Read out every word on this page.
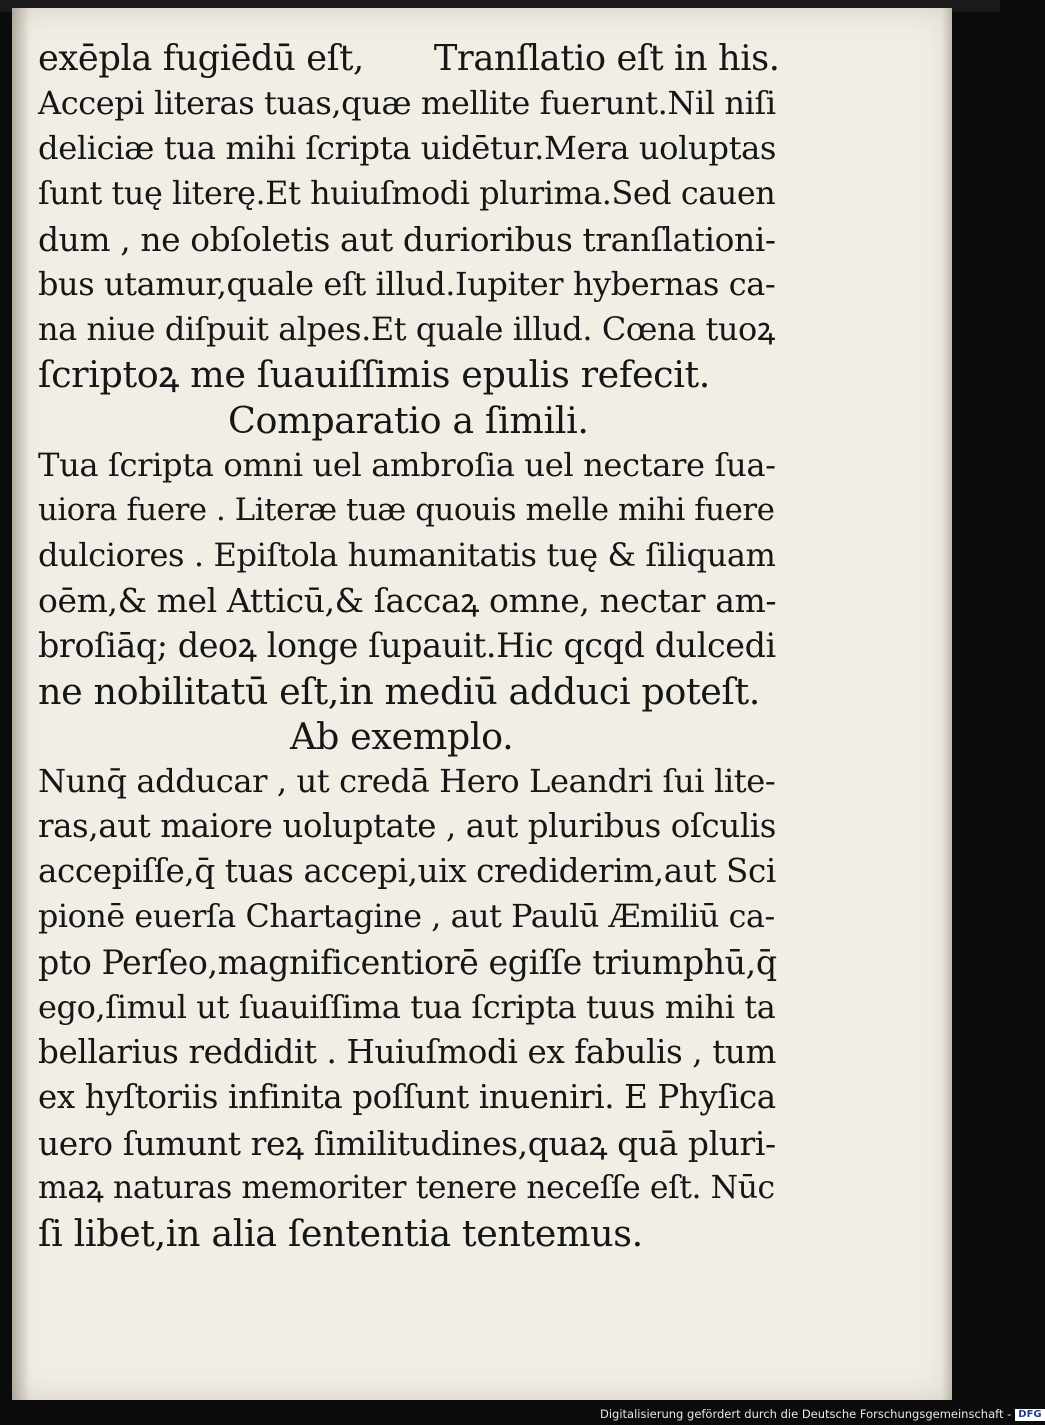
exēpla fugiēdū eſt, Tranſlatio eſt in his.
Accepi literas tuas,quæ mellite fuerunt.Nil niſi
deliciæ tua mihi ſcripta uidētur.Mera uoluptas
ſunt tuę literę.Et huiuſmodi plurima.Sed cauen
dum , ne obſoletis aut durioribus tranſlationi-
bus utamur,quale eſt illud.Iupiter hybernas ca-
na niue diſpuit alpes.Et quale illud. Cœna tuoꝝ
ſcriptoꝝ me ſuauiſſimis epulis refecit.
Comparatio a ſimili.
Tua ſcripta omni uel ambroſia uel nectare ſua-
uiora fuere . Literæ tuæ quouis melle mihi fuere
dulciores . Epiſtola humanitatis tuę & ſiliquam
oēm,& mel Atticū,& ſaccaꝝ omne, nectar am-
broſiāq; deoꝝ longe ſupauit.Hic qcqd dulcedi
ne nobilitatū eſt,in mediū adduci poteſt.
Ab exemplo.
Nunq̄ adducar , ut credā Hero Leandri ſui lite-
ras,aut maiore uoluptate , aut pluribus oſculis
accepiſſe,q̄ tuas accepi,uix crediderim,aut Sci
pionē euerſa Chartagine , aut Paulū Æmiliū ca-
pto Perſeo,magnificentiorē egiſſe triumphū,q̄
ego,ſimul ut ſuauiſſima tua ſcripta tuus mihi ta
bellarius reddidit . Huiuſmodi ex fabulis , tum
ex hyſtoriis infinita poſſunt inueniri. E Phyſica
uero ſumunt reꝝ ſimilitudines,quaꝝ quā pluri-
maꝝ naturas memoriter tenere neceſſe eſt. Nūc
ſi libet,in alia ſententia tentemus.
Digitalisierung gefördert durch die Deutsche Forschungsgemeinschaft - DFG
